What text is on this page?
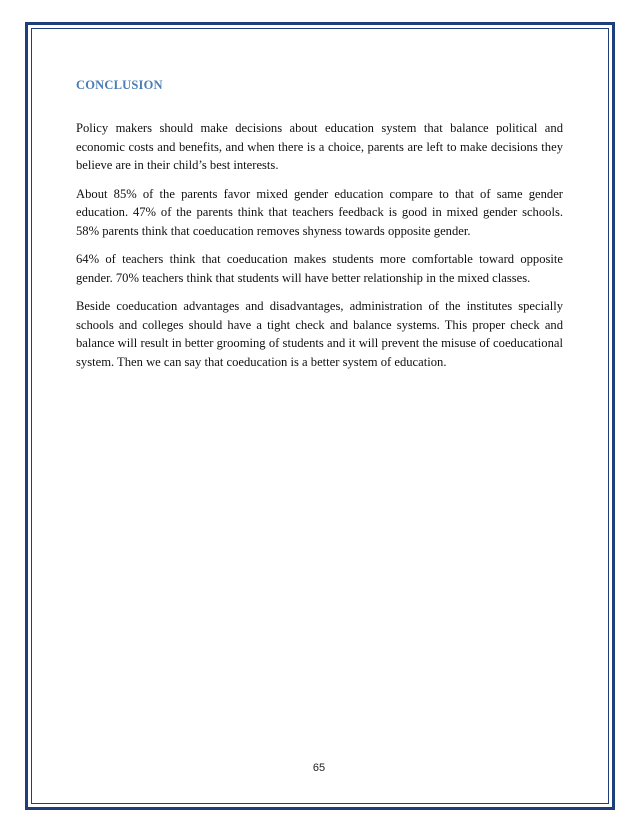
CONCLUSION

Policy makers should make decisions about education system that balance political and economic costs and benefits, and when there is a choice, parents are left to make decisions they believe are in their child’s best interests.

About 85% of the parents favor mixed gender education compare to that of same gender education. 47% of the parents think that teachers feedback is good in mixed gender schools. 58% parents think that coeducation removes shyness towards opposite gender.

64% of teachers think that coeducation makes students more comfortable toward opposite gender. 70% teachers think that students will have better relationship in the mixed classes.

Beside coeducation advantages and disadvantages, administration of the institutes specially schools and colleges should have a tight check and balance systems. This proper check and balance will result in better grooming of students and it will prevent the misuse of coeducational system. Then we can say that coeducation is a better system of education.

65
